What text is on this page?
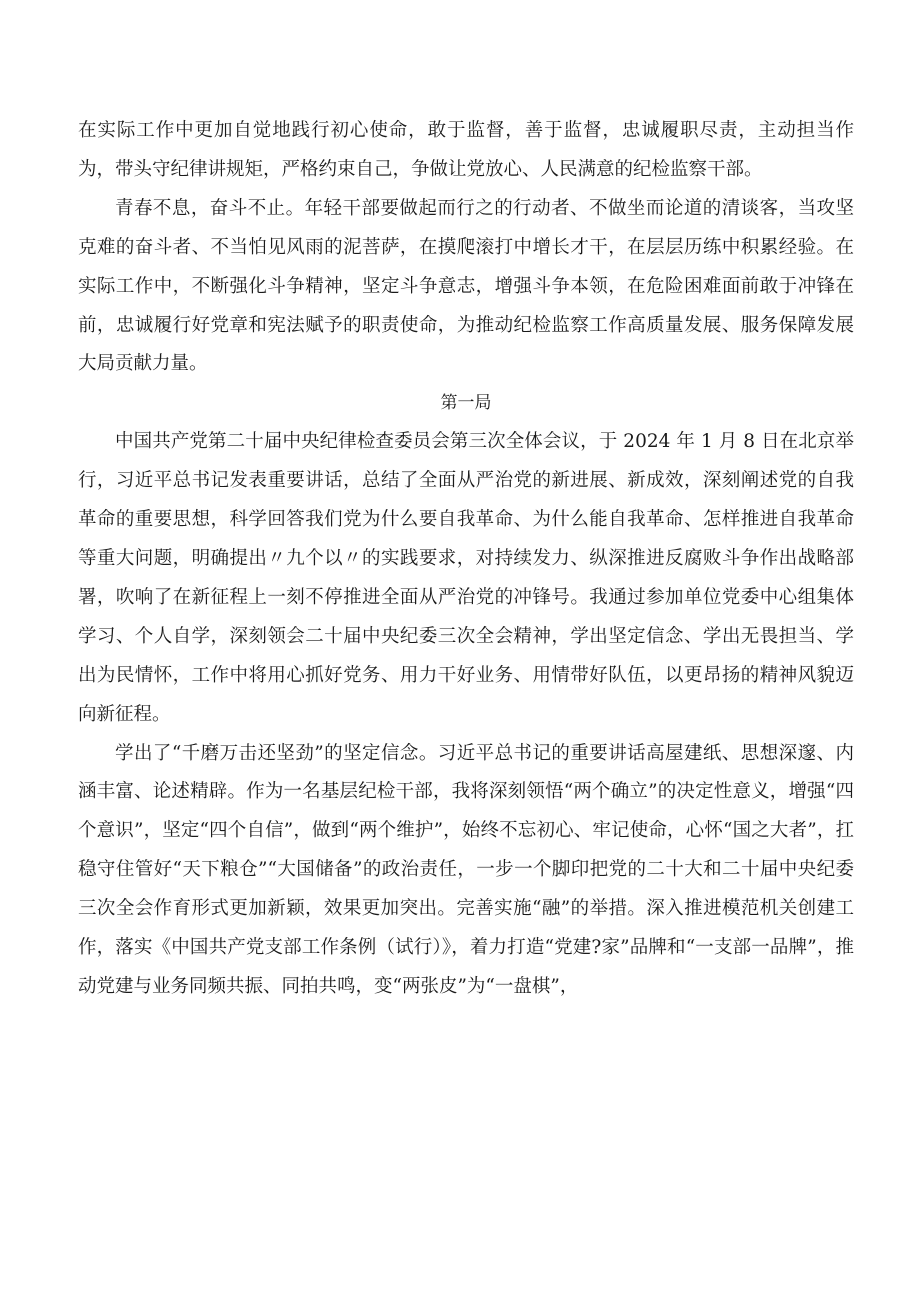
在实际工作中更加自觉地践行初心使命，敢于监督，善于监督，忠诚履职尽责，主动担当作为，带头守纪律讲规矩，严格约束自己，争做让党放心、人民满意的纪检监察干部。

青春不息，奋斗不止。年轻干部要做起而行之的行动者、不做坐而论道的清谈客，当攻坚克难的奋斗者、不当怕见风雨的泥菩萨，在摸爬滚打中增长才干，在层层历练中积累经验。在实际工作中，不断强化斗争精神，坚定斗争意志，增强斗争本领，在危险困难面前敢于冲锋在前，忠诚履行好党章和宪法赋予的职责使命，为推动纪检监察工作高质量发展、服务保障发展大局贡献力量。

第一局

中国共产党第二十届中央纪律检查委员会第三次全体会议，于 2024 年 1 月 8 日在北京举行，习近平总书记发表重要讲话，总结了全面从严治党的新进展、新成效，深刻阐述党的自我革命的重要思想，科学回答我们党为什么要自我革命、为什么能自我革命、怎样推进自我革命等重大问题，明确提出〃九个以〃的实践要求，对持续发力、纵深推进反腐败斗争作出战略部署，吹响了在新征程上一刻不停推进全面从严治党的冲锋号。我通过参加单位党委中心组集体学习、个人自学，深刻领会二十届中央纪委三次全会精神，学出坚定信念、学出无畏担当、学出为民情怀，工作中将用心抓好党务、用力干好业务、用情带好队伍，以更昂扬的精神风貌迈向新征程。

学出了“千磨万击还坚劲”的坚定信念。习近平总书记的重要讲话高屋建纸、思想深邃、内涵丰富、论述精辟。作为一名基层纪检干部，我将深刻领悟“两个确立”的决定性意义，增强“四个意识”，坚定“四个自信”，做到“两个维护”，始终不忘初心、牢记使命，心怀“国之大者”，扛稳守住管好“天下粮仓”“大国储备”的政治责任，一步一个脚印把党的二十大和二十届中央纪委三次全会作育形式更加新颖，效果更加突出。完善实施“融”的举措。深入推进模范机关创建工作，落实《中国共产党支部工作条例（试行）》，着力打造“党建?家”品牌和“一支部一品牌”，推动党建与业务同频共振、同拍共鸣，变“两张皮”为“一盘棋”，
